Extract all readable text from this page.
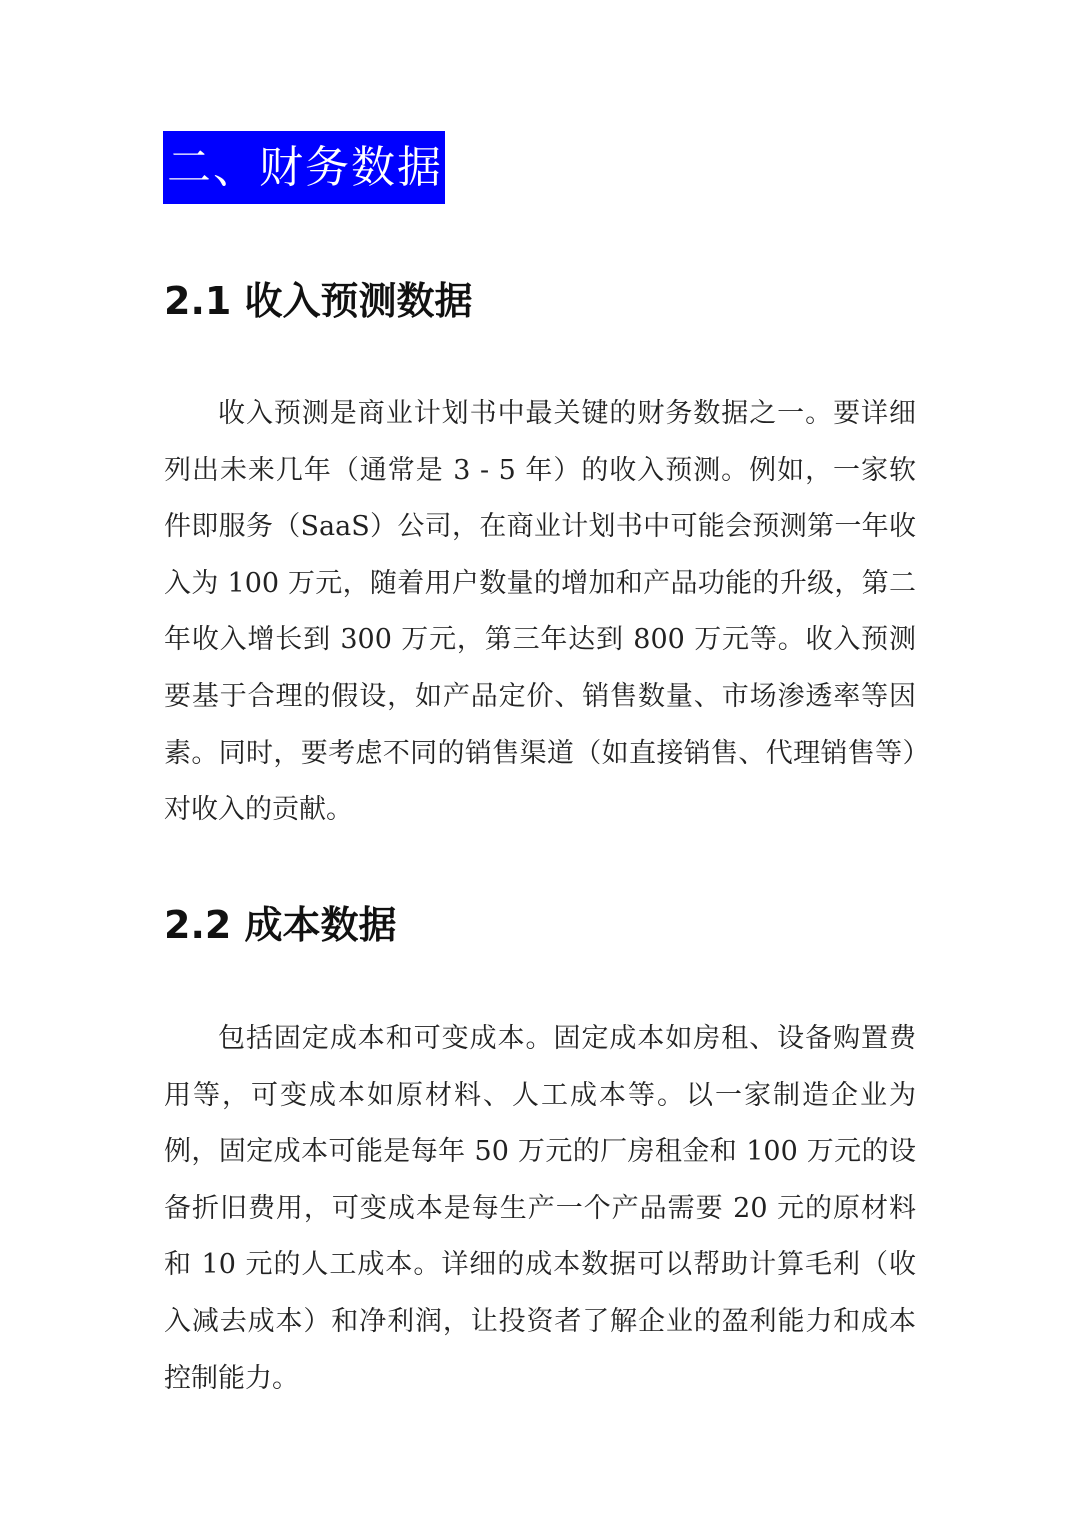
二、财务数据
2.1 收入预测数据

收入预测是商业计划书中最关键的财务数据之一。要详细列出未来几年（通常是 3 - 5 年）的收入预测。例如，一家软件即服务（SaaS）公司，在商业计划书中可能会预测第一年收入为 100 万元，随着用户数量的增加和产品功能的升级，第二年收入增长到 300 万元，第三年达到 800 万元等。收入预测要基于合理的假设，如产品定价、销售数量、市场渗透率等因素。同时，要考虑不同的销售渠道（如直接销售、代理销售等）对收入的贡献。

2.2 成本数据

包括固定成本和可变成本。固定成本如房租、设备购置费用等，可变成本如原材料、人工成本等。以一家制造企业为例，固定成本可能是每年 50 万元的厂房租金和 100 万元的设备折旧费用，可变成本是每生产一个产品需要 20 元的原材料和 10 元的人工成本。详细的成本数据可以帮助计算毛利（收入减去成本）和净利润，让投资者了解企业的盈利能力和成本控制能力。
